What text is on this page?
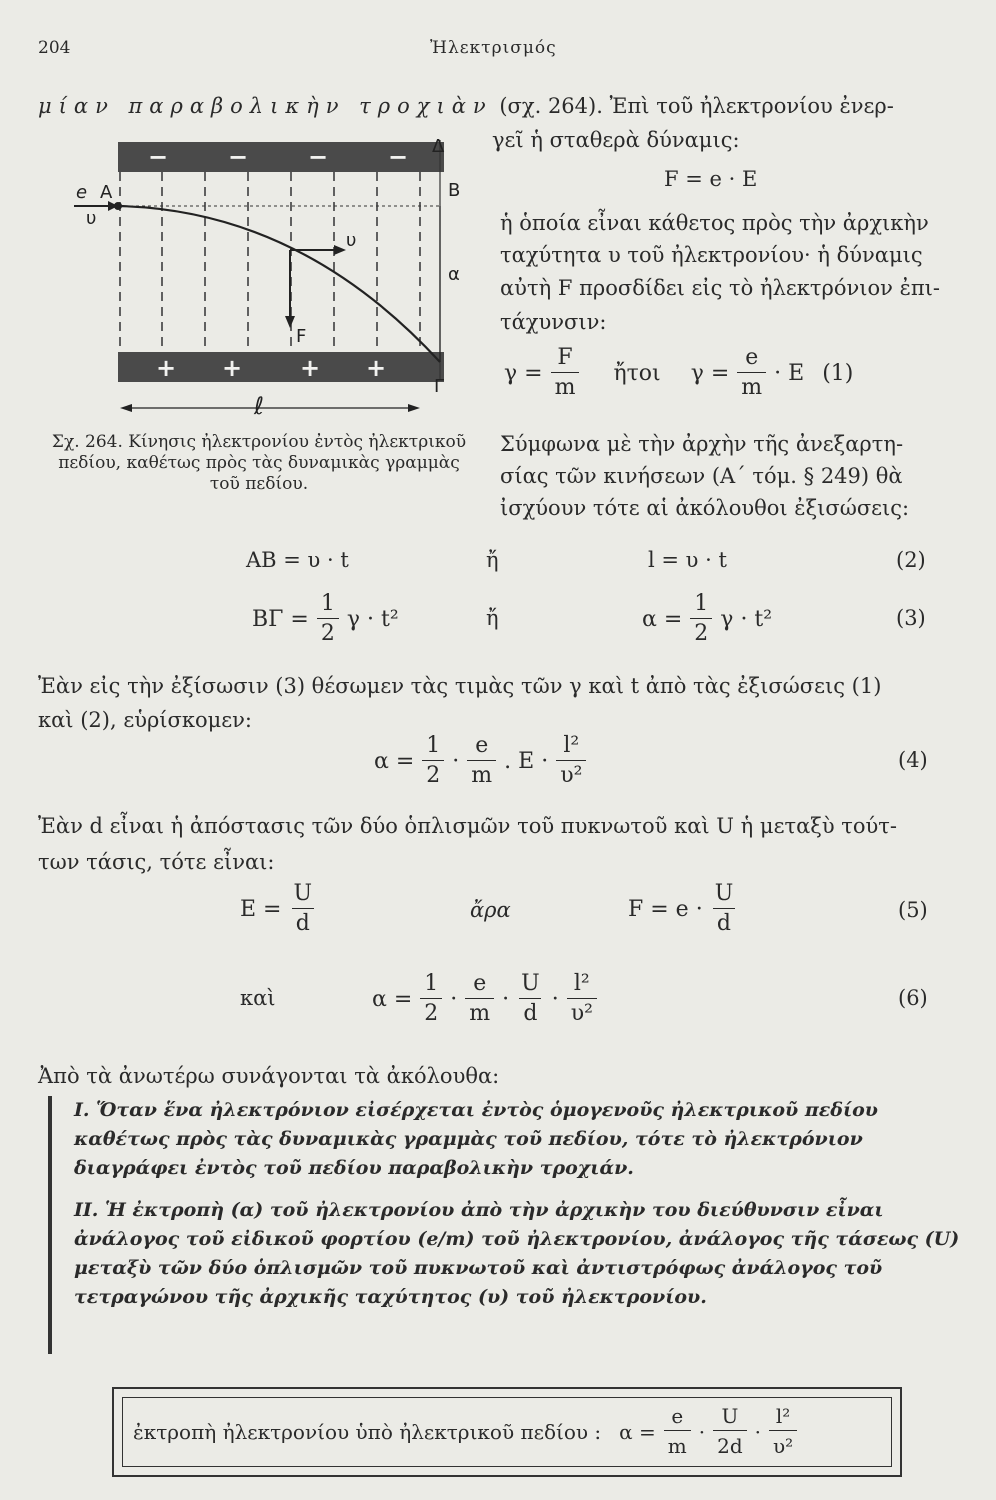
204	Ἠλεκτρισμός
μίαν παραβολικὴν τροχιὰν (σχ. 264). Ἐπὶ τοῦ ἠλεκτρονίου ἐνερ-
− − − −
+ + + +
e A	B
Δ
Γ
υ
υ
F
α
ℓ
Σχ. 264. Κίνησις ἠλεκτρονίου ἐντὸς ἠλεκτρικοῦ πεδίου, καθέτως πρὸς τὰς δυναμικὰς γραμμὰς τοῦ πεδίου.
γεῖ ἡ σταθερὰ δύναμις:
F = e · E
ἡ ὁποία εἶναι κάθετος πρὸς τὴν ἀρχικὴν
ταχύτητα υ τοῦ ἠλεκτρονίου· ἡ δύναμις
αὐτὴ F προσδίδει εἰς τὸ ἠλεκτρόνιον ἐπι-
τάχυνσιν:
$\gamma = \frac{F}{m}$ ἤτοι $\gamma = \frac{e}{m} \cdot E$ (1)
Σύμφωνα μὲ τὴν ἀρχὴν τῆς ἀνεξαρτη-
σίας τῶν κινήσεων (Α΄ τόμ. § 249) θὰ
ἰσχύουν τότε αἱ ἀκόλουθοι ἐξισώσεις:
AB = υ · t	ἤ	l = υ · t	(2)
$B\Gamma = \frac{1}{2}$ γ · t²	ἤ	$\alpha = \frac{1}{2}$ γ · t²	(3)
Ἐὰν εἰς τὴν ἐξίσωσιν (3) θέσωμεν τὰς τιμὰς τῶν γ καὶ t ἀπὸ τὰς ἐξισώσεις (1)
καὶ (2), εὑρίσκομεν:
$\alpha = \frac{1}{2} \cdot \frac{e}{m}$ . $E \cdot \frac{\text{l²}}{\text{υ²}}$	(4)
Ἐὰν d εἶναι ἡ ἀπόστασις τῶν δύο ὁπλισμῶν τοῦ πυκνωτοῦ καὶ U ἡ μεταξὺ τούτ-
των τάσις, τότε εἶναι:
$E = \frac{U}{d}$	ἄρα	$F = e \cdot \frac{U}{d}$	(5)
καὶ	$\alpha = \frac{1}{2} \cdot \frac{e}{m} \cdot \frac{U}{d} \cdot \frac{\text{l²}}{\text{υ²}}$	(6)
Ἀπὸ τὰ ἀνωτέρω συνάγονται τὰ ἀκόλουθα:
I. Ὅταν ἕνα ἠλεκτρόνιον εἰσέρχεται ἐντὸς ὁμογενοῦς ἠλεκτρικοῦ πεδίου καθέτως πρὸς τὰς δυναμικὰς γραμμὰς τοῦ πεδίου, τότε τὸ ἠλεκτρόνιον διαγράφει ἐντὸς τοῦ πεδίου παραβολικὴν τροχιάν.
II. Ἡ ἐκτροπὴ (α) τοῦ ἠλεκτρονίου ἀπὸ τὴν ἀρχικὴν του διεύθυνσιν εἶναι ἀνάλογος τοῦ εἰδικοῦ φορτίου (e/m) τοῦ ἠλεκτρονίου, ἀνάλογος τῆς τάσεως (U) μεταξὺ τῶν δύο ὁπλισμῶν τοῦ πυκνωτοῦ καὶ ἀντιστρόφως ἀνάλογος τοῦ τετραγώνου τῆς ἀρχικῆς ταχύτητος (υ) τοῦ ἠλεκτρονίου.
ἐκτροπὴ ἠλεκτρονίου ὑπὸ ἠλεκτρικοῦ πεδίου : $\alpha = \frac{e}{m} \cdot \frac{U}{2d} \cdot \frac{\text{l²}}{\text{υ²}}$
